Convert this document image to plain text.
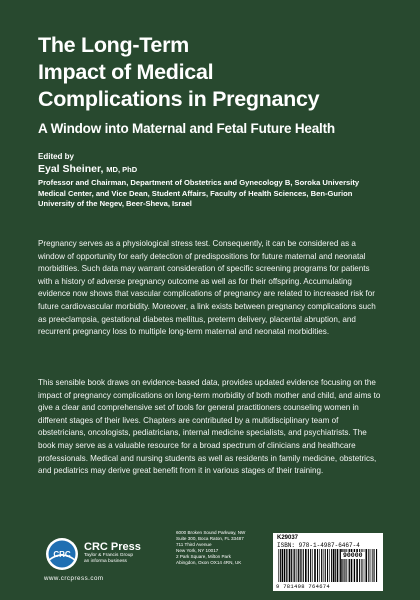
The Long-Term
Impact of Medical
Complications in Pregnancy
A Window into Maternal and Fetal Future Health
Edited by
Eyal Sheiner, MD, PhD
Professor and Chairman, Department of Obstetrics and Gynecology B, Soroka University Medical Center, and Vice Dean, Student Affairs, Faculty of Health Sciences, Ben-Gurion University of the Negev, Beer-Sheva, Israel
Pregnancy serves as a physiological stress test. Consequently, it can be considered as a window of opportunity for early detection of predispositions for future maternal and neonatal morbidities. Such data may warrant consideration of specific screening programs for patients with a history of adverse pregnancy outcome as well as for their offspring. Accumulating evidence now shows that vascular complications of pregnancy are related to increased risk for future cardiovascular morbidity. Moreover, a link exists between pregnancy complications such as preeclampsia, gestational diabetes mellitus, preterm delivery, placental abruption, and recurrent pregnancy loss to multiple long-term maternal and neonatal morbidities.
This sensible book draws on evidence-based data, provides updated evidence focusing on the impact of pregnancy complications on long-term morbidity of both mother and child, and aims to give a clear and comprehensive set of tools for general practitioners counseling women in different stages of their lives. Chapters are contributed by a multidisciplinary team of obstetricians, oncologists, pediatricians, internal medicine specialists, and psychiatrists. The book may serve as a valuable resource for a broad spectrum of clinicians and healthcare professionals. Medical and nursing students as well as residents in family medicine, obstetrics, and pediatrics may derive great benefit from it in various stages of their training.
CRC
CRC Press
Taylor & Francis Group
an informa business
www.crcpress.com
6000 Broken Sound Parkway, NW
Suite 300, Boca Raton, FL 33487
711 Third Avenue
New York, NY 10017
2 Park Square, Milton Park
Abingdon, Oxon OX14 4RN, UK
K29037
ISBN: 978-1-4987-6467-4
90000
9 781498 764674
